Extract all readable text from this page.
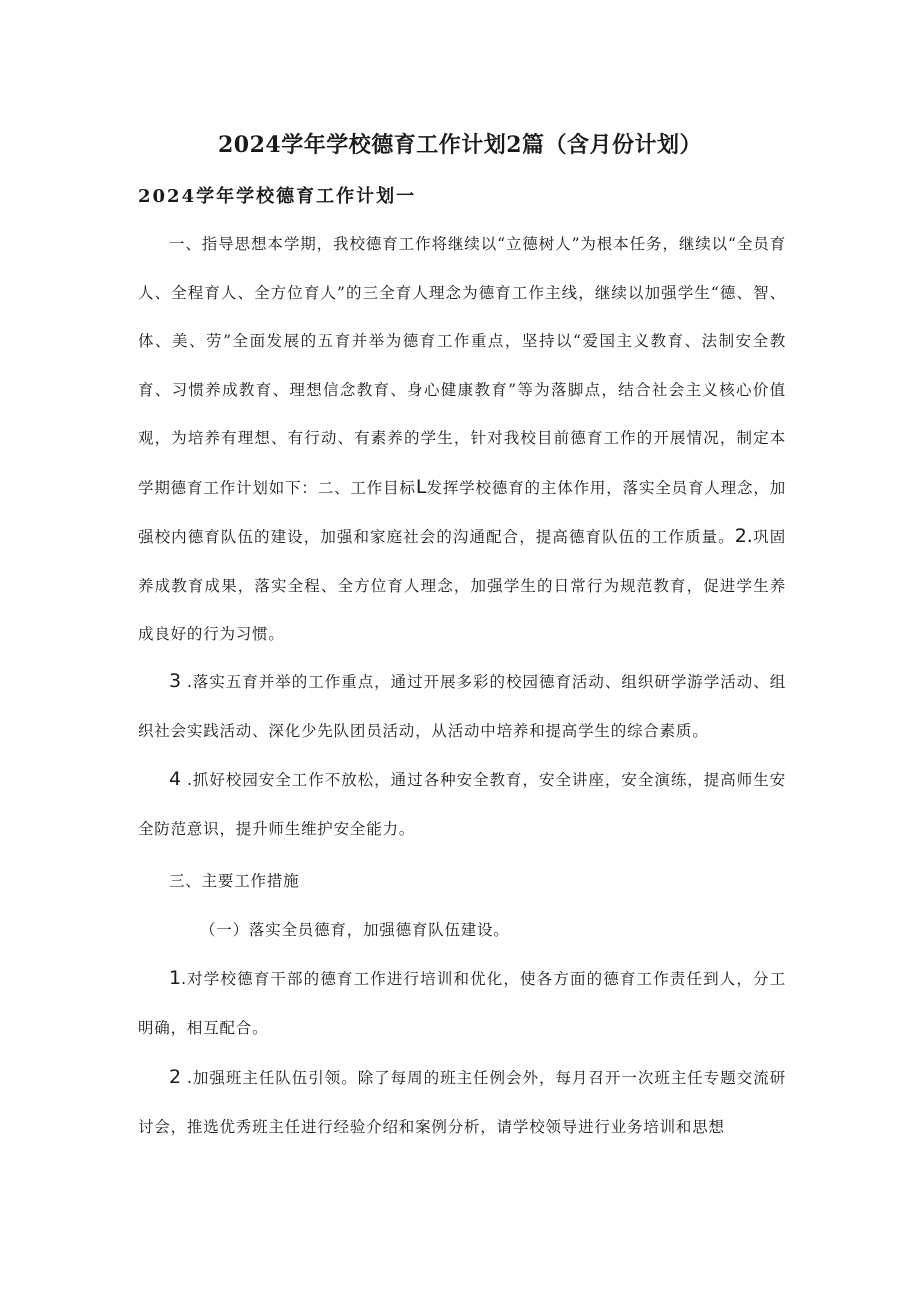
2024学年学校德育工作计划2篇（含月份计划）
2024学年学校德育工作计划一

一、指导思想本学期，我校德育工作将继续以“立德树人”为根本任务，继续以“全员育人、全程育人、全方位育人”的三全育人理念为德育工作主线，继续以加强学生“德、智、体、美、劳”全面发展的五育并举为德育工作重点，坚持以“爱国主义教育、法制安全教育、习惯养成教育、理想信念教育、身心健康教育”等为落脚点，结合社会主义核心价值观，为培养有理想、有行动、有素养的学生，针对我校目前德育工作的开展情况，制定本学期德育工作计划如下：二、工作目标L发挥学校德育的主体作用，落实全员育人理念，加强校内德育队伍的建设，加强和家庭社会的沟通配合，提高德育队伍的工作质量。2.巩固养成教育成果，落实全程、全方位育人理念，加强学生的日常行为规范教育，促进学生养成良好的行为习惯。

3 .落实五育并举的工作重点，通过开展多彩的校园德育活动、组织研学游学活动、组织社会实践活动、深化少先队团员活动，从活动中培养和提高学生的综合素质。

4 .抓好校园安全工作不放松，通过各种安全教育，安全讲座，安全演练，提高师生安全防范意识，提升师生维护安全能力。

三、主要工作措施

（一）落实全员德育，加强德育队伍建设。

1.对学校德育干部的德育工作进行培训和优化，使各方面的德育工作责任到人，分工明确，相互配合。

2 .加强班主任队伍引领。除了每周的班主任例会外，每月召开一次班主任专题交流研讨会，推选优秀班主任进行经验介绍和案例分析，请学校领导进行业务培训和思想
